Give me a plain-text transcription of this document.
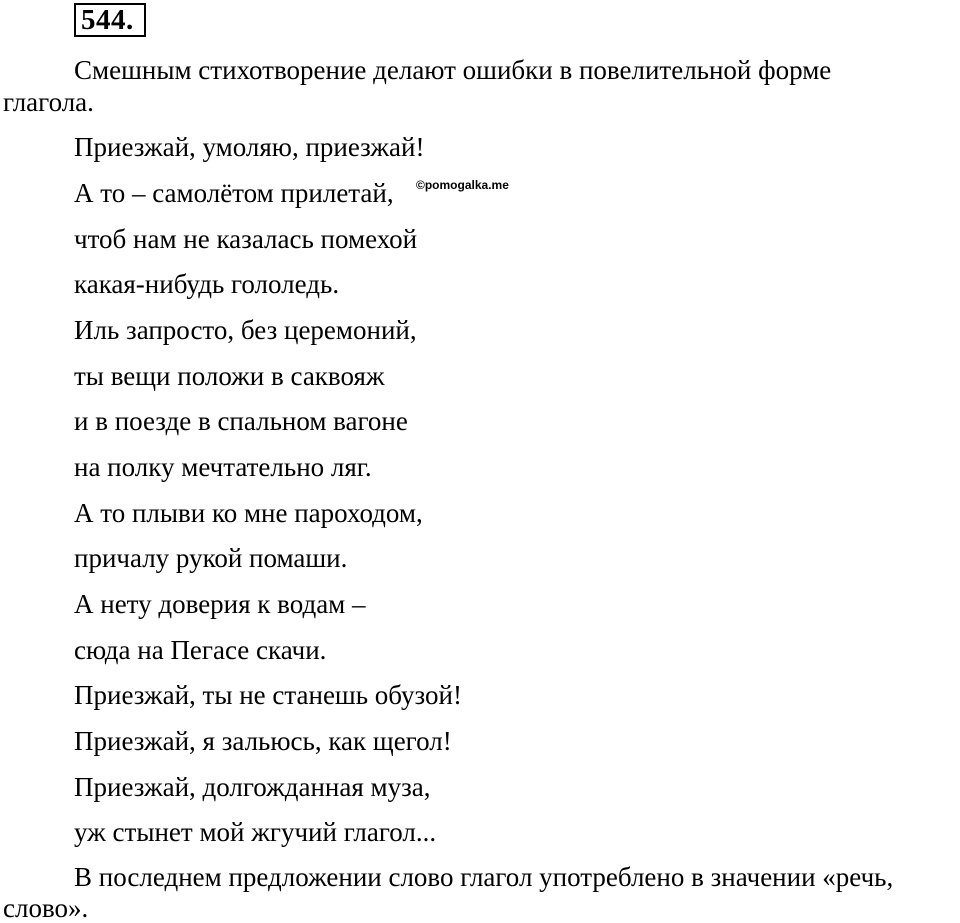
544.
Смешным стихотворение делают ошибки в повелительной форме
глагола.
Приезжай, умоляю, приезжай!
А то – самолётом прилетай, ©pomogalka.me
чтоб нам не казалась помехой
какая-нибудь гололедь.
Иль запросто, без церемоний,
ты вещи положи в саквояж
и в поезде в спальном вагоне
на полку мечтательно ляг.
А то плыви ко мне пароходом,
причалу рукой помаши.
А нету доверия к водам –
сюда на Пегасе скачи.
Приезжай, ты не станешь обузой!
Приезжай, я залью‌сь, как щегол!
Приезжай, долгожданная муза,
уж стынет мой жгучий глагол...
В последнем предложении слово глагол употреблено в значении «речь,
слово».
